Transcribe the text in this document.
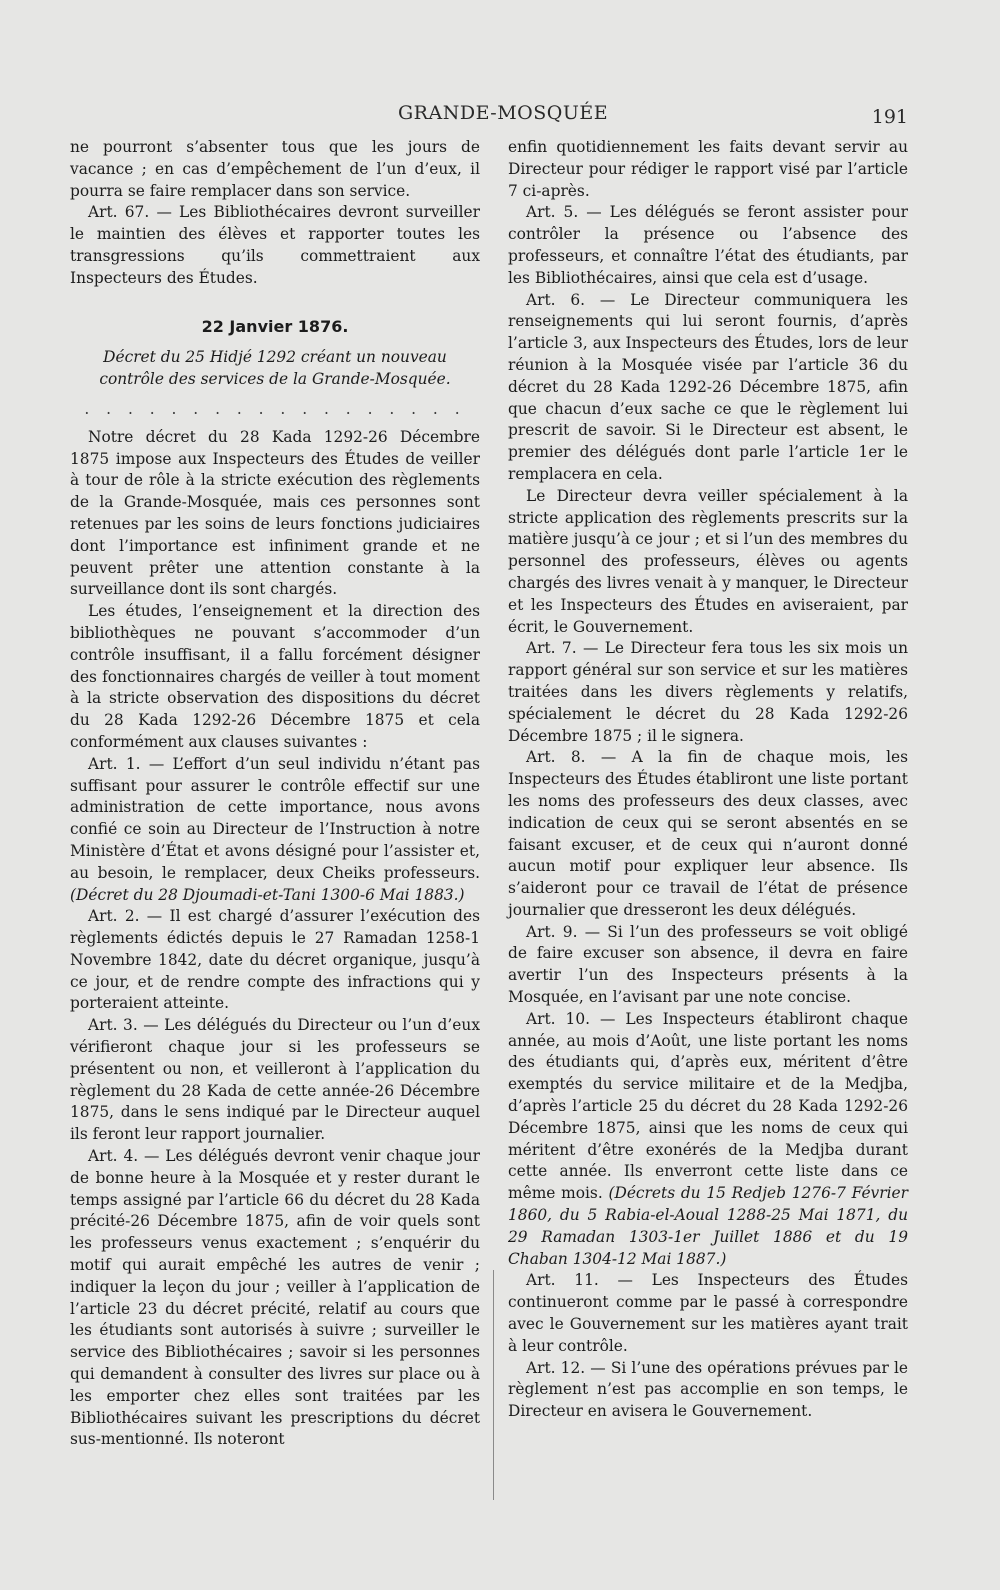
GRANDE-MOSQUÉE	191

ne pourront s’absenter tous que les jours de vacance ; en cas d’empêchement de l’un d’eux, il pourra se faire remplacer dans son service.

Art. 67. — Les Bibliothécaires devront surveiller le maintien des élèves et rapporter toutes les transgressions qu’ils commettraient aux Inspecteurs des Études.

22 Janvier 1876.

Décret du 25 Hidjé 1292 créant un nouveau contrôle des services de la Grande-Mosquée.

. . . . . . . . . . . . . . . . . .

Notre décret du 28 Kada 1292-26 Décembre 1875 impose aux Inspecteurs des Études de veiller à tour de rôle à la stricte exécution des règlements de la Grande-Mosquée, mais ces personnes sont retenues par les soins de leurs fonctions judiciaires dont l’importance est infiniment grande et ne peuvent prêter une attention constante à la surveillance dont ils sont chargés.

Les études, l’enseignement et la direction des bibliothèques ne pouvant s’accommoder d’un contrôle insuffisant, il a fallu forcément désigner des fonctionnaires chargés de veiller à tout moment à la stricte observation des dispositions du décret du 28 Kada 1292-26 Décembre 1875 et cela conformément aux clauses suivantes :

Art. 1. — L’effort d’un seul individu n’étant pas suffisant pour assurer le contrôle effectif sur une administration de cette importance, nous avons confié ce soin au Directeur de l’Instruction à notre Ministère d’État et avons désigné pour l’assister et, au besoin, le remplacer, deux Cheiks professeurs. (Décret du 28 Djoumadi-et-Tani 1300-6 Mai 1883.)

Art. 2. — Il est chargé d’assurer l’exécution des règlements édictés depuis le 27 Ramadan 1258-1 Novembre 1842, date du décret organique, jusqu’à ce jour, et de rendre compte des infractions qui y porteraient atteinte.

Art. 3. — Les délégués du Directeur ou l’un d’eux vérifieront chaque jour si les professeurs se présentent ou non, et veilleront à l’application du règlement du 28 Kada de cette année-26 Décembre 1875, dans le sens indiqué par le Directeur auquel ils feront leur rapport journalier.

Art. 4. — Les délégués devront venir chaque jour de bonne heure à la Mosquée et y rester durant le temps assigné par l’article 66 du décret du 28 Kada précité-26 Décembre 1875, afin de voir quels sont les professeurs venus exactement ; s’enquérir du motif qui aurait empêché les autres de venir ; indiquer la leçon du jour ; veiller à l’application de l’article 23 du décret précité, relatif au cours que les étudiants sont autorisés à suivre ; surveiller le service des Bibliothécaires ; savoir si les personnes qui demandent à consulter des livres sur place ou à les emporter chez elles sont traitées par les Bibliothécaires suivant les prescriptions du décret sus-mentionné. Ils noteront

enfin quotidiennement les faits devant servir au Directeur pour rédiger le rapport visé par l’article 7 ci-après.

Art. 5. — Les délégués se feront assister pour contrôler la présence ou l’absence des professeurs, et connaître l’état des étudiants, par les Bibliothécaires, ainsi que cela est d’usage.

Art. 6. — Le Directeur communiquera les renseignements qui lui seront fournis, d’après l’article 3, aux Inspecteurs des Études, lors de leur réunion à la Mosquée visée par l’article 36 du décret du 28 Kada 1292-26 Décembre 1875, afin que chacun d’eux sache ce que le règlement lui prescrit de savoir. Si le Directeur est absent, le premier des délégués dont parle l’article 1er le remplacera en cela.

Le Directeur devra veiller spécialement à la stricte application des règlements prescrits sur la matière jusqu’à ce jour ; et si l’un des membres du personnel des professeurs, élèves ou agents chargés des livres venait à y manquer, le Directeur et les Inspecteurs des Études en aviseraient, par écrit, le Gouvernement.

Art. 7. — Le Directeur fera tous les six mois un rapport général sur son service et sur les matières traitées dans les divers règlements y relatifs, spécialement le décret du 28 Kada 1292-26 Décembre 1875 ; il le signera.

Art. 8. — A la fin de chaque mois, les Inspecteurs des Études établiront une liste portant les noms des professeurs des deux classes, avec indication de ceux qui se seront absentés en se faisant excuser, et de ceux qui n’auront donné aucun motif pour expliquer leur absence. Ils s’aideront pour ce travail de l’état de présence journalier que dresseront les deux délégués.

Art. 9. — Si l’un des professeurs se voit obligé de faire excuser son absence, il devra en faire avertir l’un des Inspecteurs présents à la Mosquée, en l’avisant par une note concise.

Art. 10. — Les Inspecteurs établiront chaque année, au mois d’Août, une liste portant les noms des étudiants qui, d’après eux, méritent d’être exemptés du service militaire et de la Medjba, d’après l’article 25 du décret du 28 Kada 1292-26 Décembre 1875, ainsi que les noms de ceux qui méritent d’être exonérés de la Medjba durant cette année. Ils enverront cette liste dans ce même mois. (Décrets du 15 Redjeb 1276-7 Février 1860, du 5 Rabia-el-Aoual 1288-25 Mai 1871, du 29 Ramadan 1303-1er Juillet 1886 et du 19 Chaban 1304-12 Mai 1887.)

Art. 11. — Les Inspecteurs des Études continueront comme par le passé à correspondre avec le Gouvernement sur les matières ayant trait à leur contrôle.

Art. 12. — Si l’une des opérations prévues par le règlement n’est pas accomplie en son temps, le Directeur en avisera le Gouvernement.
